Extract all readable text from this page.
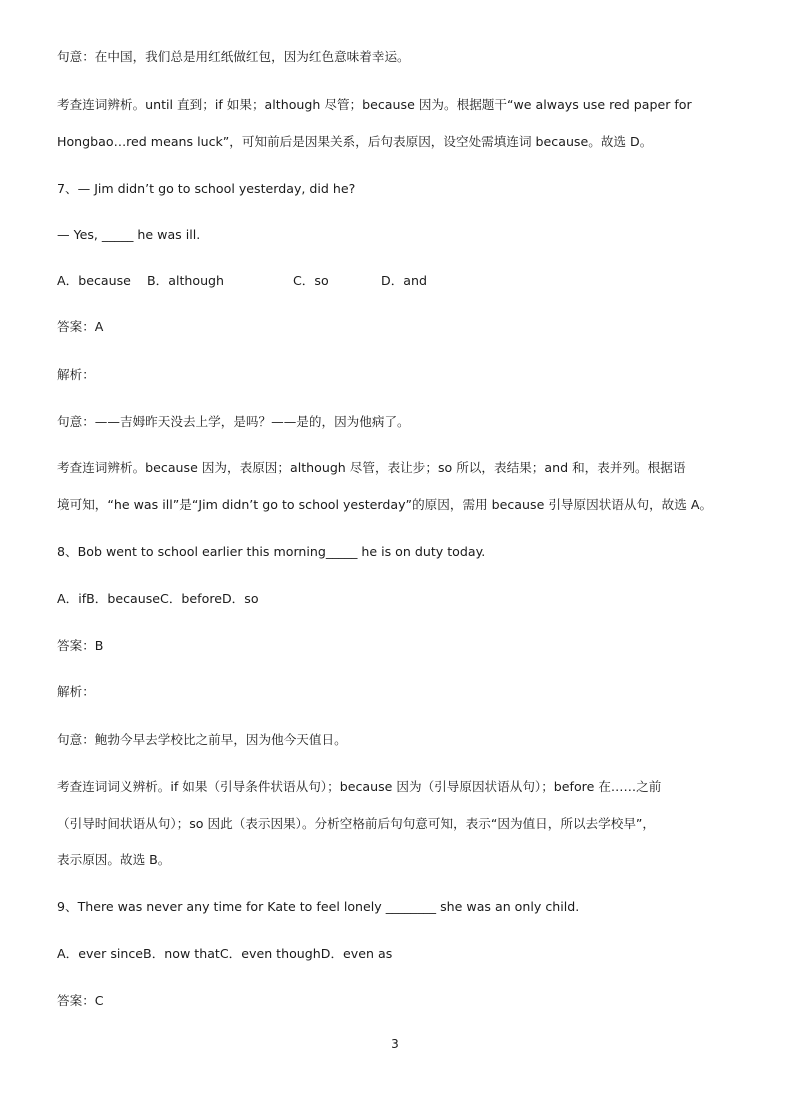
句意：在中国，我们总是用红纸做红包，因为红色意味着幸运。
考查连词辨析。until 直到；if 如果；although 尽管；because 因为。根据题干“we always use red paper for
Hongbao…red means luck”，可知前后是因果关系，后句表原因，设空处需填连词 because。故选 D。
7、— Jim didn’t go to school yesterday, did he?
— Yes, _____ he was ill.
A．because B．although	C．so	D．and
答案：A
解析：
句意：——吉姆昨天没去上学，是吗？——是的，因为他病了。
考查连词辨析。because 因为，表原因；although 尽管，表让步；so 所以，表结果；and 和，表并列。根据语
境可知，“he was ill”是“Jim didn’t go to school yesterday”的原因，需用 because 引导原因状语从句，故选 A。
8、Bob went to school earlier this morning_____ he is on duty today.
A．ifB．becauseC．beforeD．so
答案：B
解析：
句意：鲍勃今早去学校比之前早，因为他今天值日。
考查连词词义辨析。if 如果（引导条件状语从句）；because 因为（引导原因状语从句）；before 在……之前
（引导时间状语从句）；so 因此（表示因果）。分析空格前后句句意可知，表示“因为值日，所以去学校早”，
表示原因。故选 B。
9、There was never any time for Kate to feel lonely ________ she was an only child.
A．ever sinceB．now thatC．even thoughD．even as
答案：C
3
